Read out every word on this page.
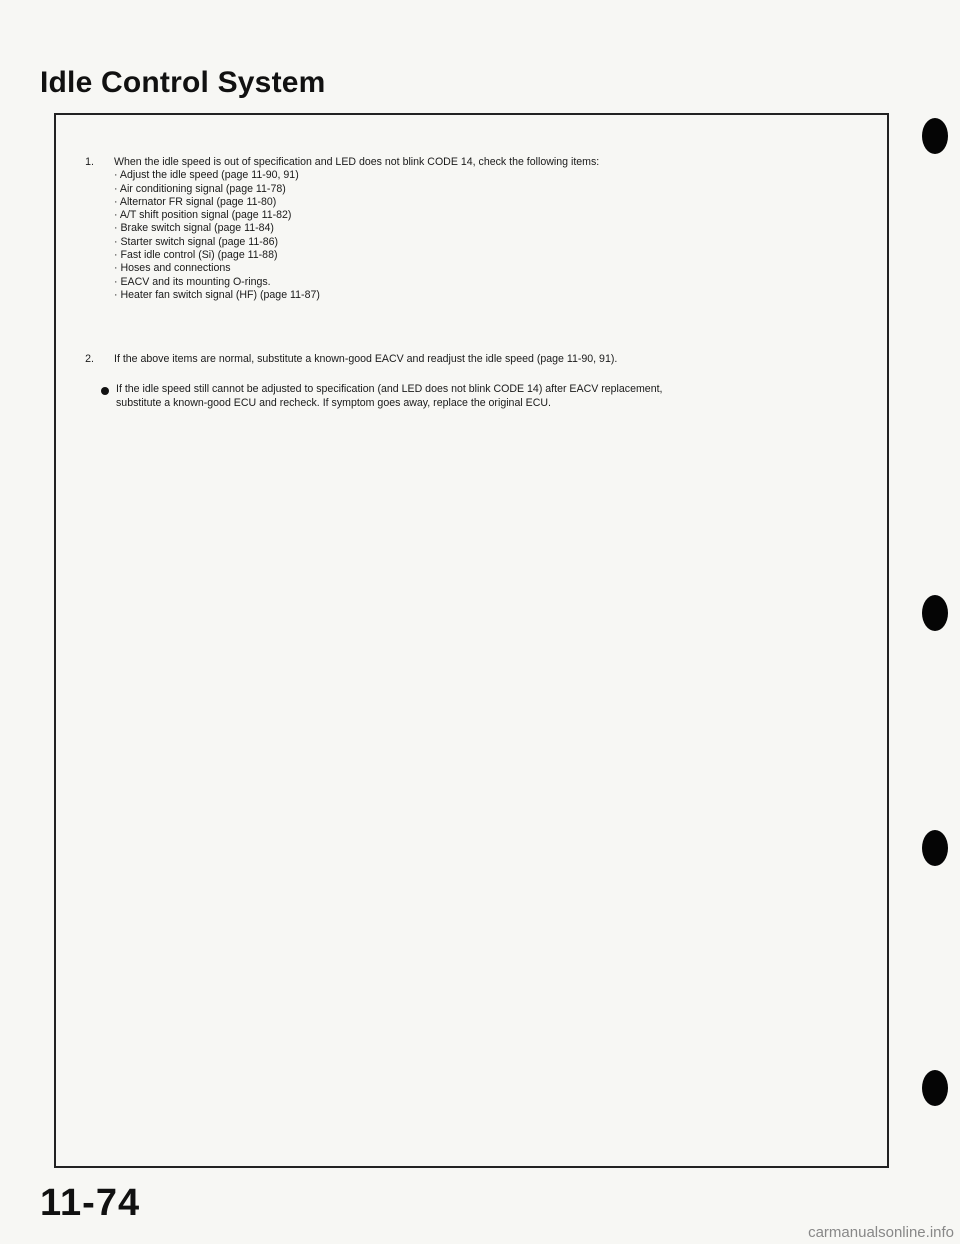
Idle Control System
1. When the idle speed is out of specification and LED does not blink CODE 14, check the following items:
· Adjust the idle speed (page 11-90, 91)
· Air conditioning signal (page 11-78)
· Alternator FR signal (page 11-80)
· A/T shift position signal (page 11-82)
· Brake switch signal (page 11-84)
· Starter switch signal (page 11-86)
· Fast idle control (Si) (page 11-88)
· Hoses and connections
· EACV and its mounting O-rings.
· Heater fan switch signal (HF) (page 11-87)
2. If the above items are normal, substitute a known-good EACV and readjust the idle speed (page 11-90, 91).
If the idle speed still cannot be adjusted to specification (and LED does not blink CODE 14) after EACV replacement,
substitute a known-good ECU and recheck. If symptom goes away, replace the original ECU.
11-74
carmanualsonline.info
